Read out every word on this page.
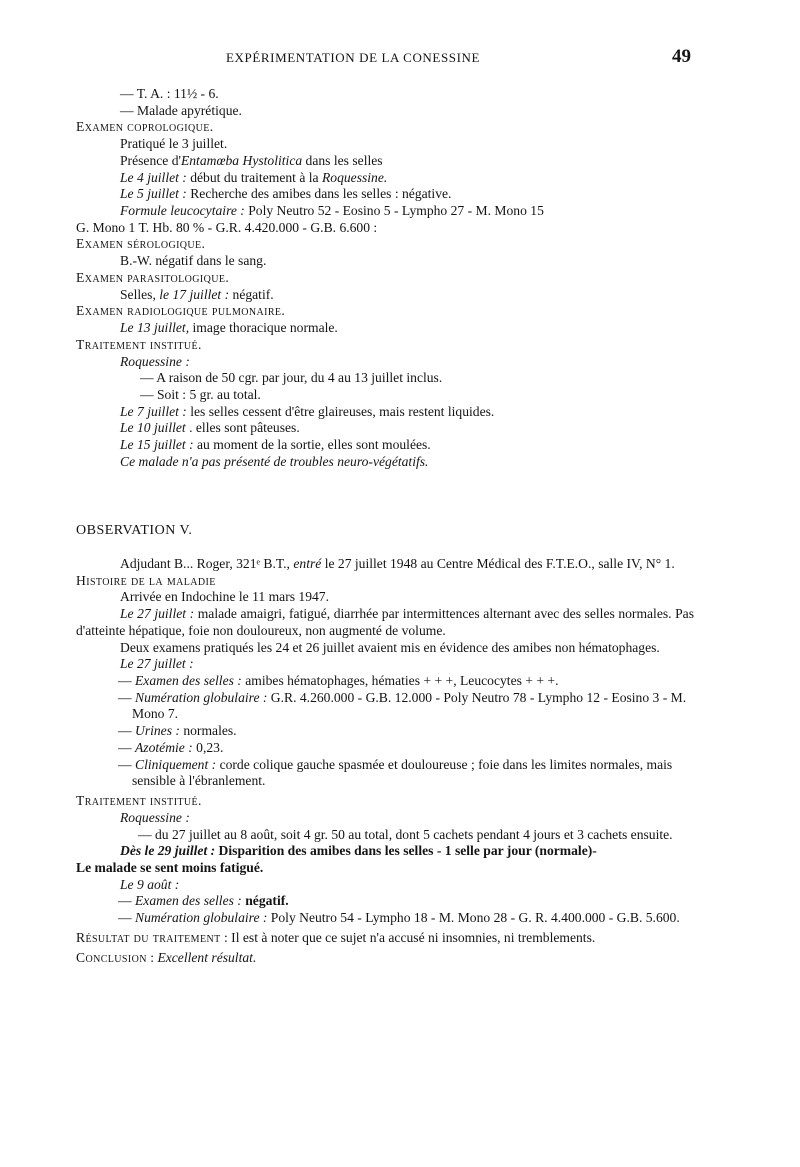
EXPÉRIMENTATION DE LA CONESSINE	49
— T. A. : 11½ - 6.
— Malade apyrétique.
Examen coprologique.
Pratiqué le 3 juillet.
Présence d'Entamœba Hystolitica dans les selles
Le 4 juillet : début du traitement à la Roquessine.
Le 5 juillet : Recherche des amibes dans les selles : négative.
Formule leucocytaire : Poly Neutro 52 - Eosino 5 - Lympho 27 - M. Mono 15
G. Mono 1 T. Hb. 80 % - G.R. 4.420.000 - G.B. 6.600 :
Examen sérologique.
B.-W. négatif dans le sang.
Examen parasitologique.
Selles, le 17 juillet : négatif.
Examen radiologique pulmonaire.
Le 13 juillet, image thoracique normale.
Traitement institué.
Roquessine :
— A raison de 50 cgr. par jour, du 4 au 13 juillet inclus.
— Soit : 5 gr. au total.
Le 7 juillet : les selles cessent d'être glaireuses, mais restent liquides.
Le 10 juillet . elles sont pâteuses.
Le 15 juillet : au moment de la sortie, elles sont moulées.
Ce malade n'a pas présenté de troubles neuro-végétatifs.
OBSERVATION V.
Adjudant B... Roger, 321ᵉ B.T., entré le 27 juillet 1948 au Centre Médical des F.T.E.O., salle IV, N° 1.
Histoire de la maladie
Arrivée en Indochine le 11 mars 1947.
Le 27 juillet : malade amaigri, fatigué, diarrhée par intermittences alternant avec des selles normales. Pas d'atteinte hépatique, foie non douloureux, non augmenté de volume.
Deux examens pratiqués les 24 et 26 juillet avaient mis en évidence des amibes non hématophages.
Le 27 juillet :
— Examen des selles : amibes hématophages, hématies + + +, Leucocytes + + +.
— Numération globulaire : G.R. 4.260.000 - G.B. 12.000 - Poly Neutro 78 - Lympho 12 - Eosino 3 - M. Mono 7.
— Urines : normales.
— Azotémie : 0,23.
— Cliniquement : corde colique gauche spasmée et douloureuse ; foie dans les limites normales, mais sensible à l'ébranlement.
Traitement institué.
Roquessine :
— du 27 juillet au 8 août, soit 4 gr. 50 au total, dont 5 cachets pendant 4 jours et 3 cachets ensuite.
Dès le 29 juillet : Disparition des amibes dans les selles - 1 selle par jour (normale)-
Le malade se sent moins fatigué.
Le 9 août :
— Examen des selles : négatif.
— Numération globulaire : Poly Neutro 54 - Lympho 18 - M. Mono 28 - G. R. 4.400.000 - G.B. 5.600.
Résultat du traitement : Il est à noter que ce sujet n'a accusé ni insomnies, ni tremblements.
Conclusion : Excellent résultat.
